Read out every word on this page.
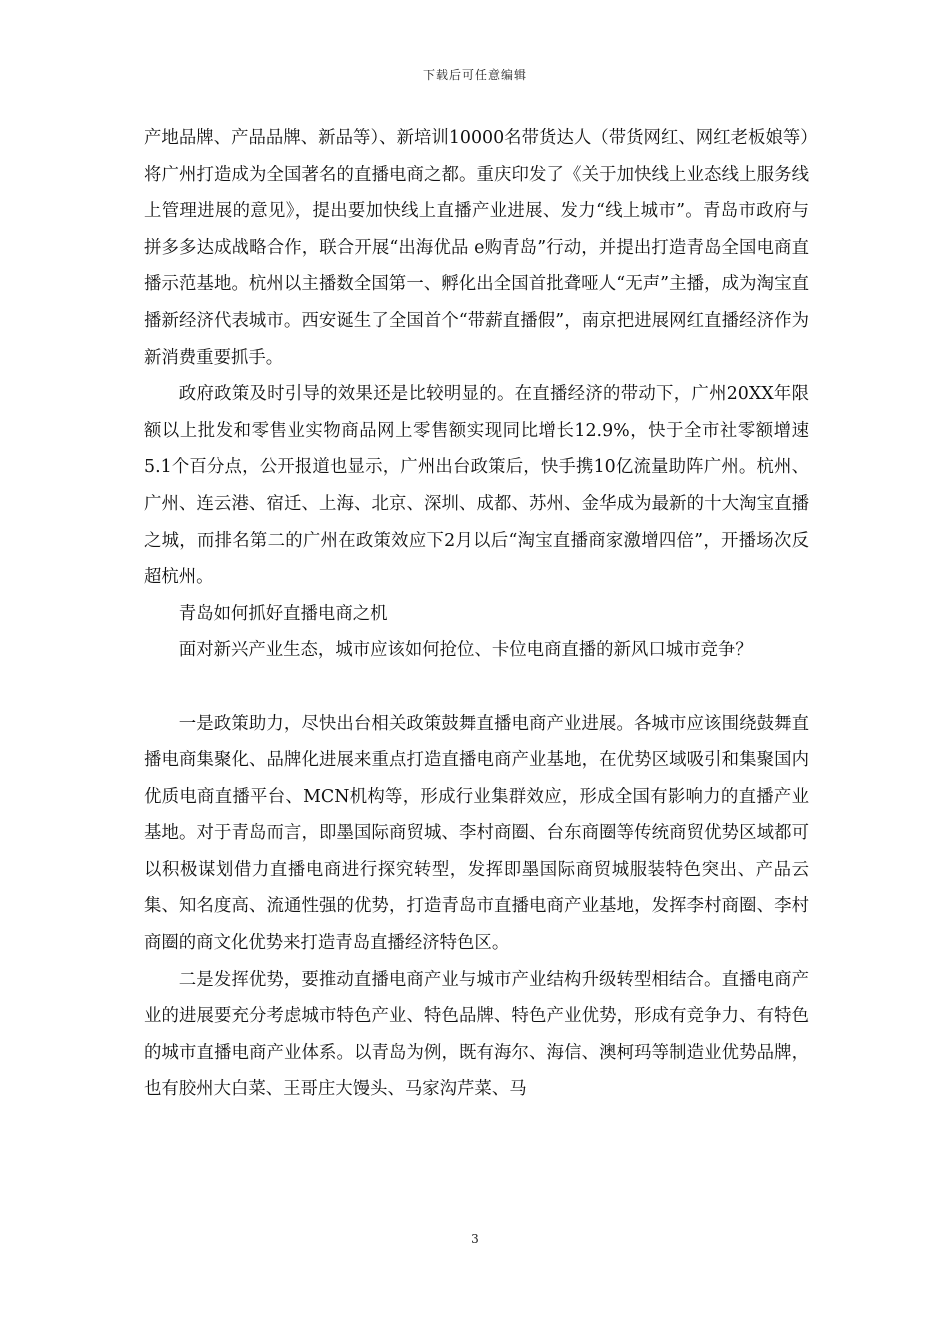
下载后可任意编辑

产地品牌、产品品牌、新品等）、新培训10000名带货达人（带货网红、网红老板娘等）将广州打造成为全国著名的直播电商之都。重庆印发了《关于加快线上业态线上服务线上管理进展的意见》，提出要加快线上直播产业进展、发力“线上城市”。青岛市政府与拼多多达成战略合作，联合开展“出海优品 e购青岛”行动，并提出打造青岛全国电商直播示范基地。杭州以主播数全国第一、孵化出全国首批聋哑人“无声”主播，成为淘宝直播新经济代表城市。西安诞生了全国首个“带薪直播假”，南京把进展网红直播经济作为新消费重要抓手。

政府政策及时引导的效果还是比较明显的。在直播经济的带动下，广州20XX年限额以上批发和零售业实物商品网上零售额实现同比增长12.9%，快于全市社零额增速5.1个百分点，公开报道也显示，广州出台政策后，快手携10亿流量助阵广州。杭州、广州、连云港、宿迁、上海、北京、深圳、成都、苏州、金华成为最新的十大淘宝直播之城，而排名第二的广州在政策效应下2月以后“淘宝直播商家激增四倍”，开播场次反超杭州。

青岛如何抓好直播电商之机

面对新兴产业生态，城市应该如何抢位、卡位电商直播的新风口城市竞争？

一是政策助力，尽快出台相关政策鼓舞直播电商产业进展。各城市应该围绕鼓舞直播电商集聚化、品牌化进展来重点打造直播电商产业基地，在优势区域吸引和集聚国内优质电商直播平台、MCN机构等，形成行业集群效应，形成全国有影响力的直播产业基地。对于青岛而言，即墨国际商贸城、李村商圈、台东商圈等传统商贸优势区域都可以积极谋划借力直播电商进行探究转型，发挥即墨国际商贸城服装特色突出、产品云集、知名度高、流通性强的优势，打造青岛市直播电商产业基地，发挥李村商圈、李村商圈的商文化优势来打造青岛直播经济特色区。

二是发挥优势，要推动直播电商产业与城市产业结构升级转型相结合。直播电商产业的进展要充分考虑城市特色产业、特色品牌、特色产业优势，形成有竞争力、有特色的城市直播电商产业体系。以青岛为例，既有海尔、海信、澳柯玛等制造业优势品牌，也有胶州大白菜、王哥庄大馒头、马家沟芹菜、马

3
